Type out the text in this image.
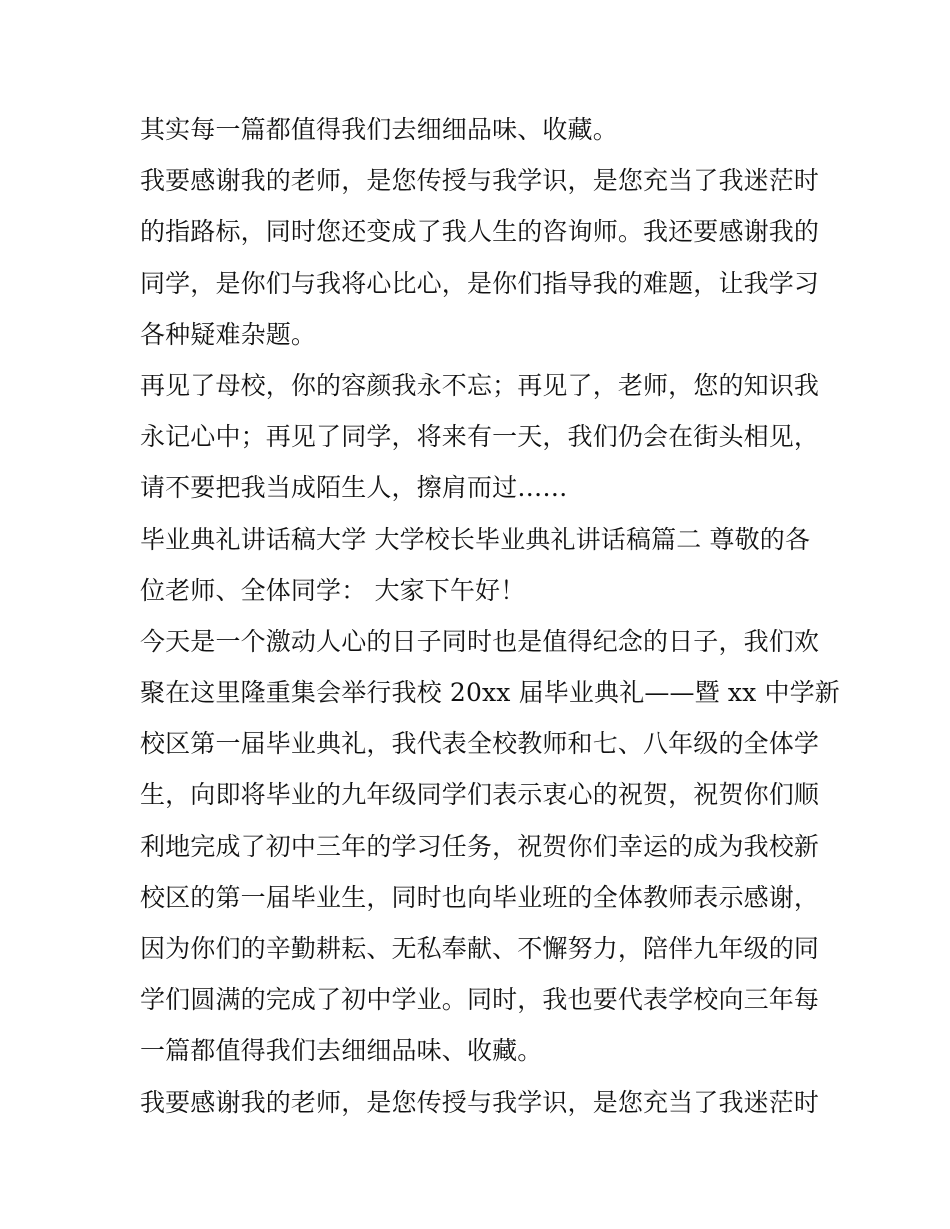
其实每一篇都值得我们去细细品味、收藏。
我要感谢我的老师，是您传授与我学识，是您充当了我迷茫时
的指路标，同时您还变成了我人生的咨询师。我还要感谢我的
同学，是你们与我将心比心，是你们指导我的难题，让我学习
各种疑难杂题。
再见了母校，你的容颜我永不忘；再见了，老师，您的知识我
永记心中；再见了同学，将来有一天，我们仍会在街头相见，
请不要把我当成陌生人，擦肩而过……
毕业典礼讲话稿大学 大学校长毕业典礼讲话稿篇二 尊敬的各
位老师、全体同学： 大家下午好！
今天是一个激动人心的日子同时也是值得纪念的日子，我们欢
聚在这里隆重集会举行我校 20xx 届毕业典礼——暨 xx 中学新
校区第一届毕业典礼，我代表全校教师和七、八年级的全体学
生，向即将毕业的九年级同学们表示衷心的祝贺，祝贺你们顺
利地完成了初中三年的学习任务，祝贺你们幸运的成为我校新
校区的第一届毕业生，同时也向毕业班的全体教师表示感谢，
因为你们的辛勤耕耘、无私奉献、不懈努力，陪伴九年级的同
学们圆满的完成了初中学业。同时，我也要代表学校向三年每
一篇都值得我们去细细品味、收藏。
我要感谢我的老师，是您传授与我学识，是您充当了我迷茫时
